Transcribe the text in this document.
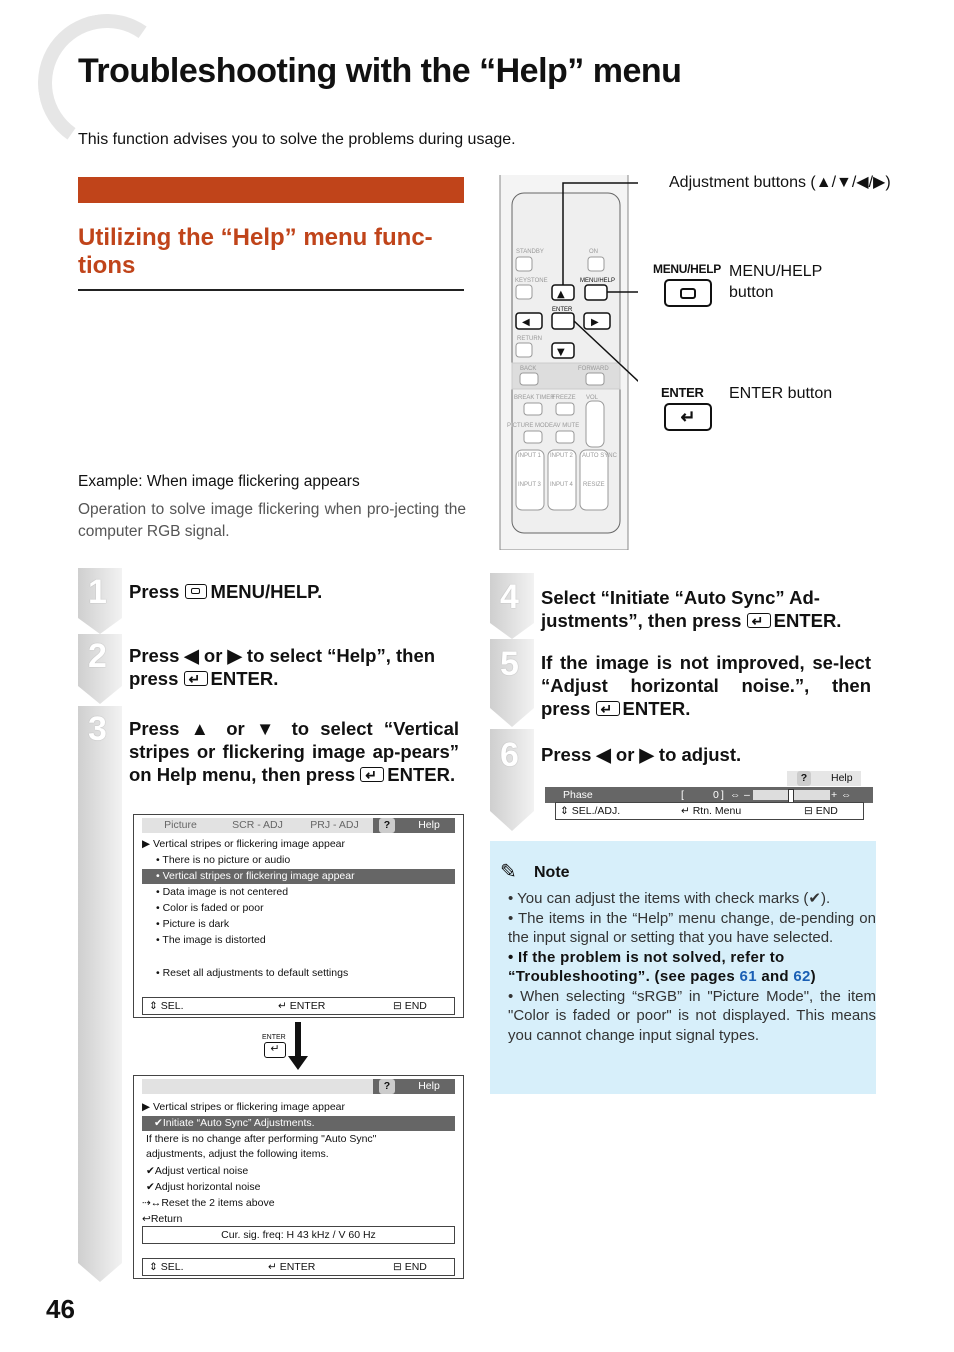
Troubleshooting with the “Help” menu
This function advises you to solve the problems during usage.
Utilizing the “Help” menu func-tions
Example: When image flickering appears
Operation to solve image flickering when pro-jecting the computer RGB signal.
STANDBY	ON
KEYSTONE	MENU/HELP
ENTER
RETURN
BACK	FORWARD
BREAK TIMER
FREEZE VOL
PICTURE MODE AV MUTE
INPUT 1 INPUT 2 AUTO SYNC
INPUT 3 INPUT 4 RESIZE
▲
◀	▶
▼
Adjustment buttons (▲/▼/◀/▶)
MENU/HELP MENU/HELP button
ENTER
↵
ENTER button
1
2
3
4
5
6
Press MENU/HELP.
Press ◀ or ▶ to select “Help”, then press ↵ ENTER.
Press ▲ or ▼ to select “Vertical stripes or flickering image ap-pears” on Help menu, then press ↵ ENTER.
Select “Initiate “Auto Sync” Ad-justments”, then press ↵ ENTER.
If the image is not improved, se-lect “Adjust horizontal noise.”, then press ↵ ENTER.
Press ◀ or ▶ to adjust.
Picture	SCR - ADJ	PRJ - ADJ	?	Help
▶ Vertical stripes or flickering image appear
• There is no picture or audio
• Vertical stripes or flickering image appear
• Data image is not centered
• Color is faded or poor
• Picture is dark
• The image is distorted
• Reset all adjustments to default settings
⇕ SEL.	↵ ENTER	⊟ END
ENTER
↵
?	Help
▶ Vertical stripes or flickering image appear
✔Initiate “Auto Sync” Adjustments.
If there is no change after performing "Auto Sync"
adjustments, adjust the following items.
✔Adjust vertical noise
✔Adjust horizontal noise
⇢↔Reset the 2 items above
↩Return
Cur. sig. freq: H 43 kHz / V 60 Hz
⇕ SEL.	↵ ENTER	⊟ END
?	Help
Phase	[	0 ] ⇔ –	+ ⇔
⇕ SEL./ADJ.	↵ Rtn. Menu	⊟ END
✎ Note
• You can adjust the items with check marks (✔).
• The items in the “Help” menu change, de-pending on the input signal or setting that you have selected.
• If the problem is not solved, refer to “Troubleshooting”. (see pages 61 and 62)
• When selecting “sRGB” in "Picture Mode", the item "Color is faded or poor" is not displayed. This means you cannot change input signal types.
46
